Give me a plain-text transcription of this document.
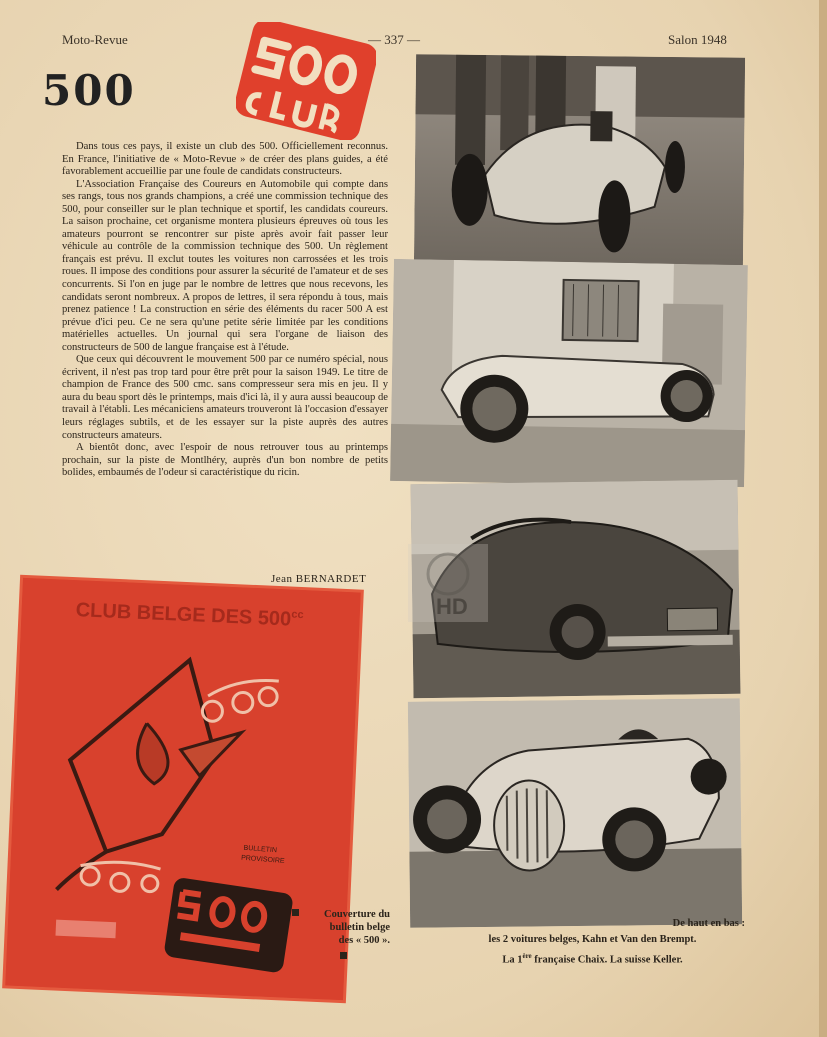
Moto-Revue	— 337 —	Salon 1948
500

Dans tous ces pays, il existe un club des 500. Officiellement reconnus. En France, l'initiative de « Moto-Revue » de créer des plans guides, a été favorablement accueillie par une foule de candidats constructeurs.

L'Association Française des Coureurs en Automobile qui compte dans ses rangs, tous nos grands champions, a créé une commission technique des 500, pour conseiller sur le plan technique et sportif, les candidats coureurs. La saison prochaine, cet organisme montera plusieurs épreuves où tous les amateurs pourront se rencontrer sur piste après avoir fait passer leur véhicule au contrôle de la commission technique des 500. Un règlement français est prévu. Il exclut toutes les voitures non carrossées et les trois roues. Il impose des conditions pour assurer la sécurité de l'amateur et de ses concurrents. Si l'on en juge par le nombre de lettres que nous recevons, les candidats seront nombreux. A propos de lettres, il sera répondu à tous, mais prenez patience ! La construction en série des éléments du racer 500 A est prévue d'ici peu. Ce ne sera qu'une petite série limitée par les conditions matérielles actuelles. Un journal qui sera l'organe de liaison des constructeurs de 500 de langue française est à l'étude.

Que ceux qui découvrent le mouvement 500 par ce numéro spécial, nous écrivent, il n'est pas trop tard pour être prêt pour la saison 1949. Le titre de champion de France des 500 cmc. sans compresseur sera mis en jeu. Il y aura du beau sport dès le printemps, mais d'ici là, il y aura aussi beaucoup de travail à l'établi. Les mécaniciens amateurs trouveront là l'occasion d'essayer leurs réglages subtils, et de les essayer sur la piste auprès des autres constructeurs amateurs.

A bientôt donc, avec l'espoir de nous retrouver tous au printemps prochain, sur la piste de Montlhéry, auprès d'un bon nombre de petits bolides, embaumés de l'odeur si caractéristique du ricin.

Jean BERNARDET
CLUB BELGE DES $500^{cc}$
BULLETIN
PROVISOIRE
Couverture du
bulletin belge
des « 500 ».
HD
De haut en bas :
les 2 voitures belges, Kahn et Van den Brempt.
La 1ère française Chaix. La suisse Keller.
